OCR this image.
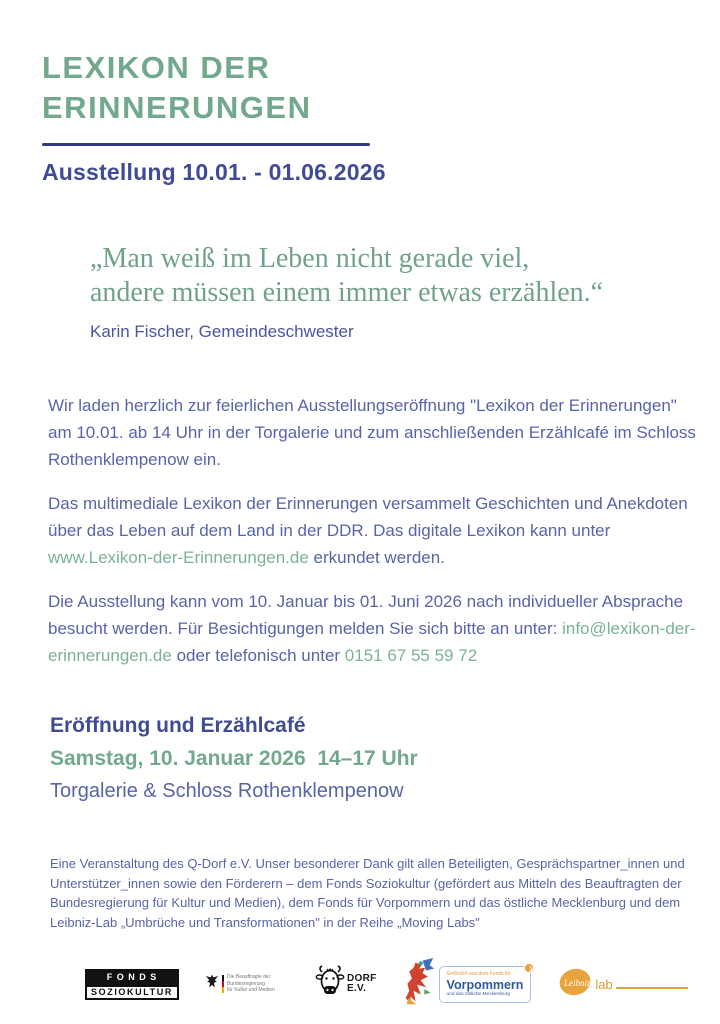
LEXIKON DER
ERINNERUNGEN
Ausstellung 10.01. - 01.06.2026
„Man weiß im Leben nicht gerade viel,
andere müssen einem immer etwas erzählen.“
Karin Fischer, Gemeindeschwester

Wir laden herzlich zur feierlichen Ausstellungseröffnung "Lexikon der Erinnerungen" am 10.01. ab 14 Uhr in der Torgalerie und zum anschließenden Erzählcafé im Schloss Rothenklempenow ein.

Das multimediale Lexikon der Erinnerungen versammelt Geschichten und Anekdoten über das Leben auf dem Land in der DDR. Das digitale Lexikon kann unter www.Lexikon-der-Erinnerungen.de erkundet werden.

Die Ausstellung kann vom 10. Januar bis 01. Juni 2026 nach individueller Absprache besucht werden. Für Besichtigungen melden Sie sich bitte an unter: info@lexikon-der-erinnerungen.de oder telefonisch unter 0151 67 55 59 72

Eröffnung und Erzählcafé
Samstag, 10. Januar 2026  14–17 Uhr
Torgalerie & Schloss Rothenklempenow
Eine Veranstaltung des Q-Dorf e.V. Unser besonderer Dank gilt allen Beteiligten, Gesprächspartner_innen und Unterstützer_innen sowie den Förderern – dem Fonds Soziokultur (gefördert aus Mitteln des Beauftragten der Bundesregierung für Kultur und Medien), dem Fonds für Vorpommern und das östliche Mecklenburg und dem Leibniz-Lab „Umbrüche und Transformationen" in der Reihe „Moving Labs"
F O N D S
SOZIOKULTUR
Die Beauftragte der Bundesregierung
für Kultur und Medien
DORF
E.V.
Gefördert aus dem Fonds für
Vorpommern
und das östliche Mecklenburg
Leibniz lab
